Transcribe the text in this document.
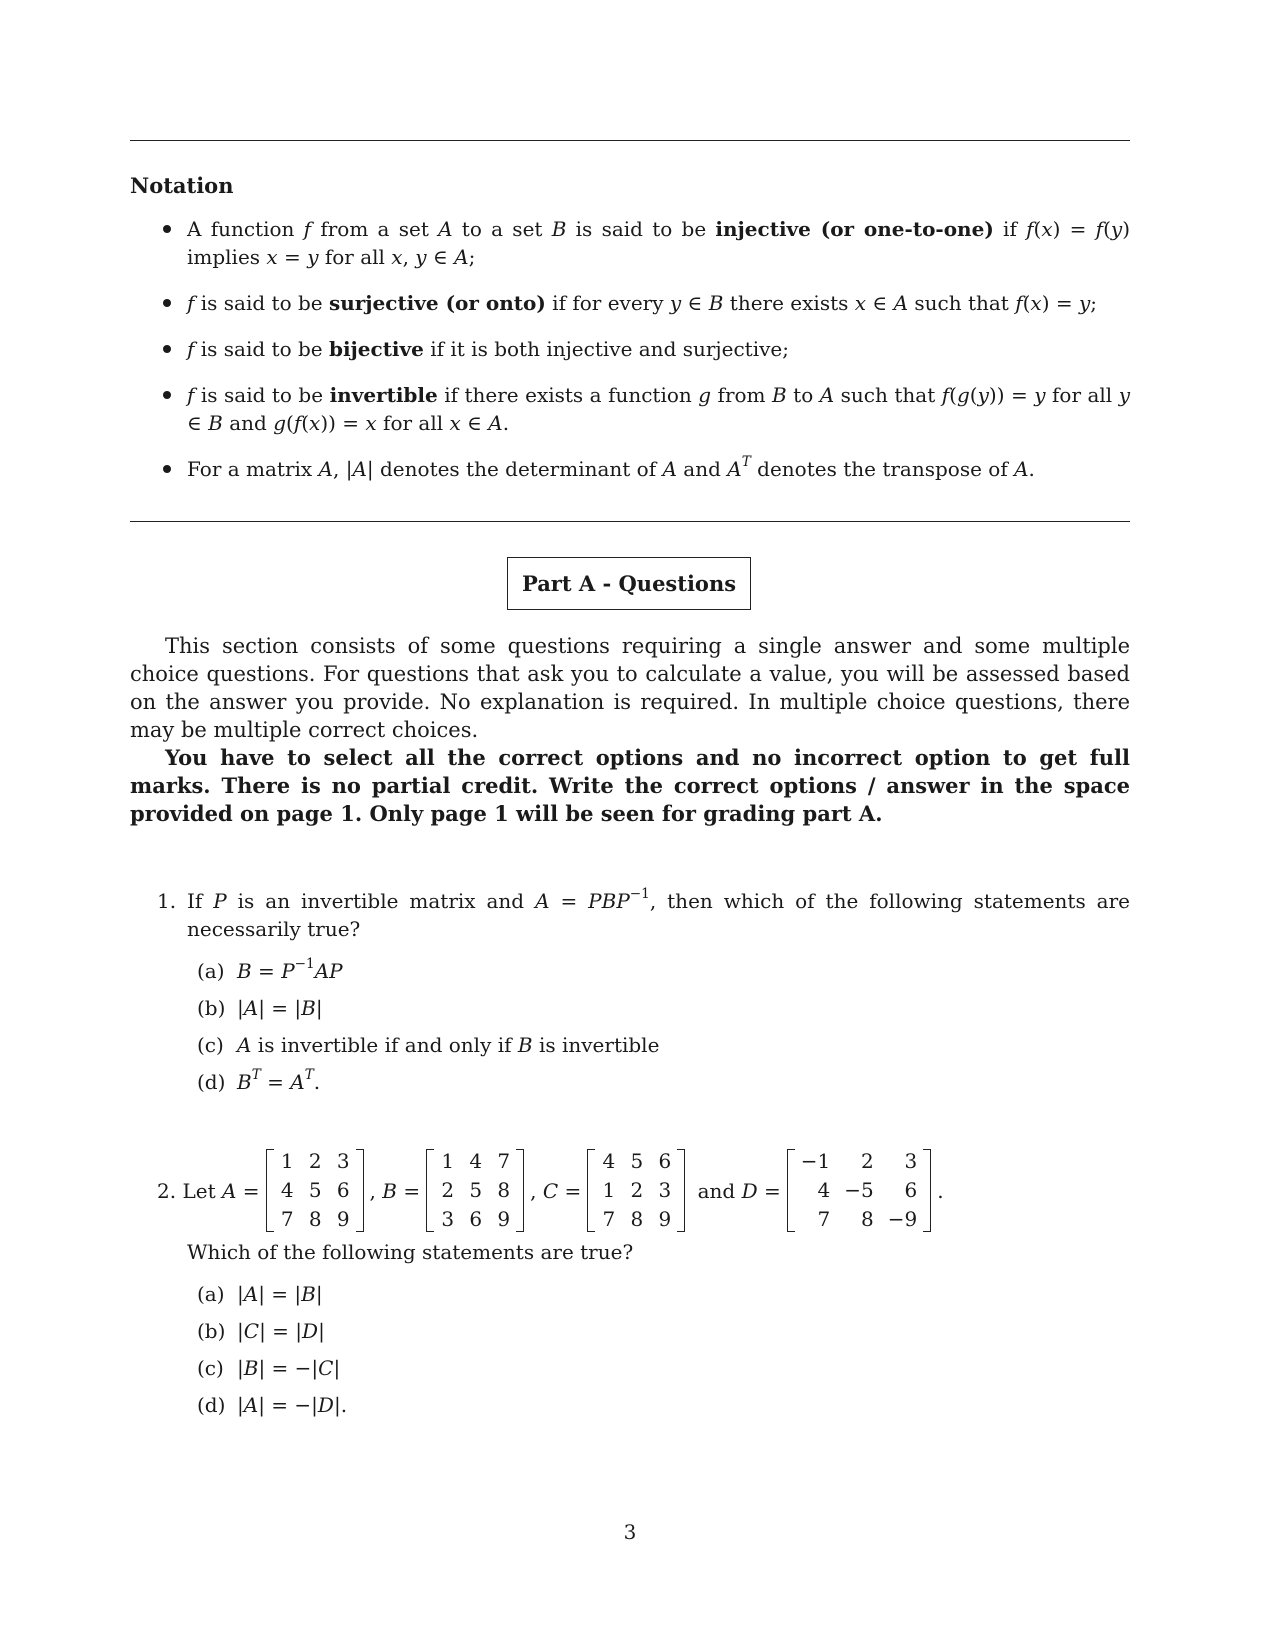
Notation
A function f from a set A to a set B is said to be injective (or one-to-one) if f(x) = f(y) implies x = y for all x, y ∈ A;
f is said to be surjective (or onto) if for every y ∈ B there exists x ∈ A such that f(x) = y;
f is said to be bijective if it is both injective and surjective;
f is said to be invertible if there exists a function g from B to A such that f(g(y)) = y for all y ∈ B and g(f(x)) = x for all x ∈ A.
For a matrix A, |A| denotes the determinant of A and $A^T$ denotes the transpose of A.
Part A - Questions

This section consists of some questions requiring a single answer and some multiple choice questions. For questions that ask you to calculate a value, you will be assessed based on the answer you provide. No explanation is required. In multiple choice questions, there may be multiple correct choices.

You have to select all the correct options and no incorrect option to get full marks. There is no partial credit. Write the correct options / answer in the space provided on page 1. Only page 1 will be seen for grading part A.

1. If P is an invertible matrix and $A = PBP^{-1}$, then which of the following statements are necessarily true?
(a) $B = P^{-1}AP$
(b) |A| = |B|
(c) A is invertible if and only if B is invertible
(d) $B^T = A^T$.
2. Let A =
1 2 3
4 5 6
7 8 9
, B =
1 4 7
2 5 8
3 6 9
, C =
4 5 6
1 2 3
7 8 9
and D =
−1	2	3
4 −5	6
7	8 −9
.
Which of the following statements are true?
(a) |A| = |B|
(b) |C| = |D|
(c) |B| = −|C|
(d) |A| = −|D|.
3
